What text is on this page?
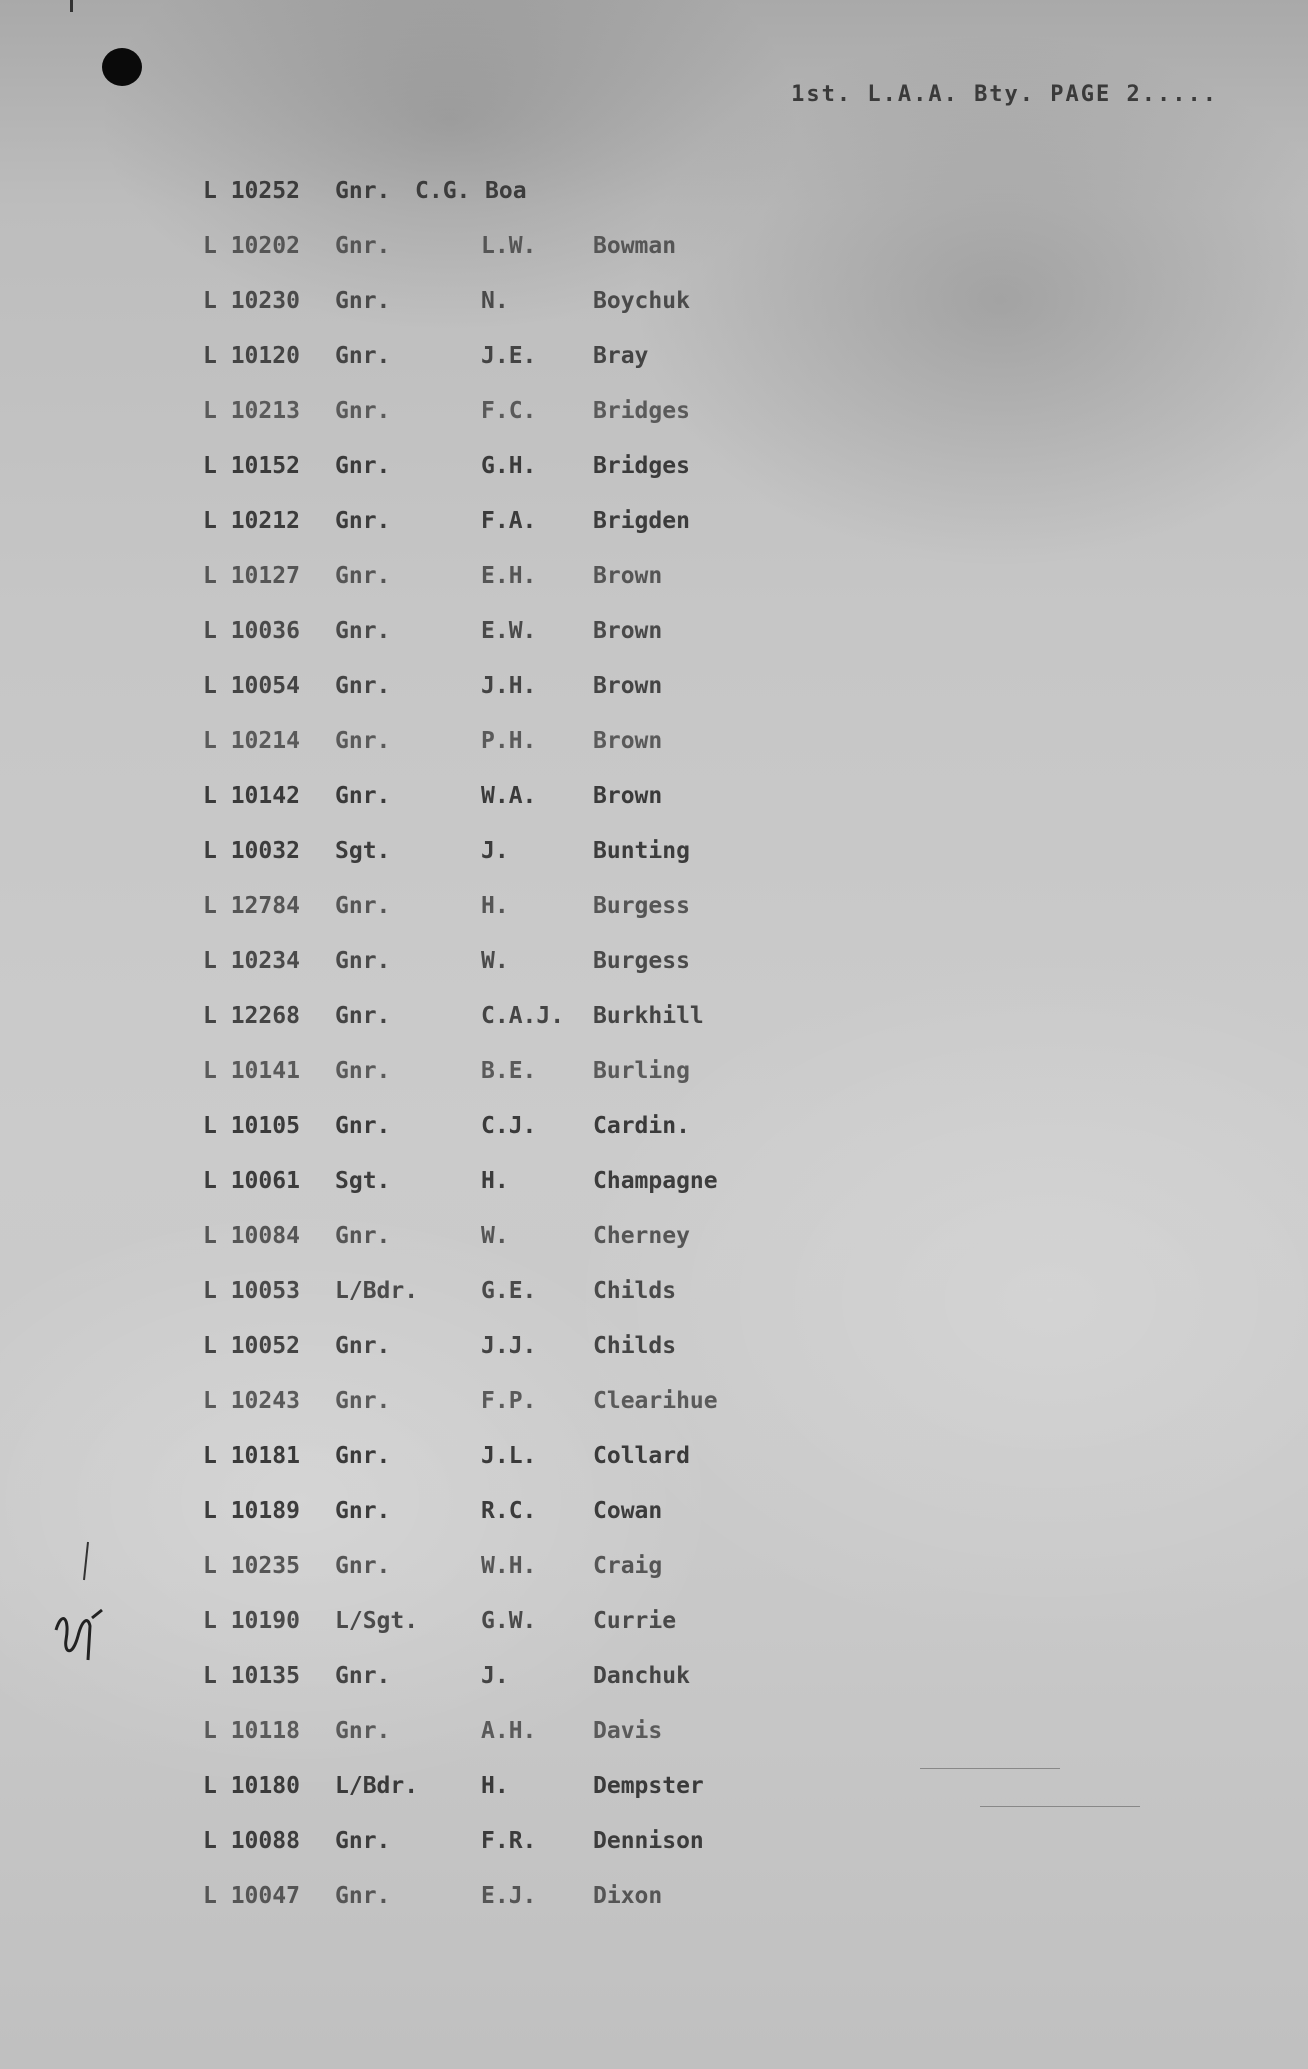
1st. L.A.A. Bty. PAGE 2.....
L 10252 Gnr. C.G. Boa
L 10202 Gnr.	L.W. Bowman
L 10230 Gnr.	N.	Boychuk
L 10120 Gnr.	J.E. Bray
L 10213 Gnr.	F.C. Bridges
L 10152 Gnr.	G.H. Bridges
L 10212 Gnr.	F.A. Brigden
L 10127 Gnr.	E.H. Brown
L 10036 Gnr.	E.W. Brown
L 10054 Gnr.	J.H. Brown
L 10214 Gnr.	P.H. Brown
L 10142 Gnr.	W.A. Brown
L 10032 Sgt.	J.	Bunting
L 12784 Gnr.	H.	Burgess
L 10234 Gnr.	W.	Burgess
L 12268 Gnr.	C.A.J. Burkhill
L 10141 Gnr.	B.E. Burling
L 10105 Gnr.	C.J. Cardin.
L 10061 Sgt.	H.	Champagne
L 10084 Gnr.	W.	Cherney
L 10053 L/Bdr.	G.E. Childs
L 10052 Gnr.	J.J. Childs
L 10243 Gnr.	F.P. Clearihue
L 10181 Gnr.	J.L. Collard
L 10189 Gnr.	R.C. Cowan
L 10235 Gnr.	W.H. Craig
L 10190 L/Sgt.	G.W. Currie
L 10135 Gnr.	J.	Danchuk
L 10118 Gnr.	A.H. Davis
L 10180 L/Bdr.	H.	Dempster
L 10088 Gnr.	F.R. Dennison
L 10047 Gnr.	E.J. Dixon
